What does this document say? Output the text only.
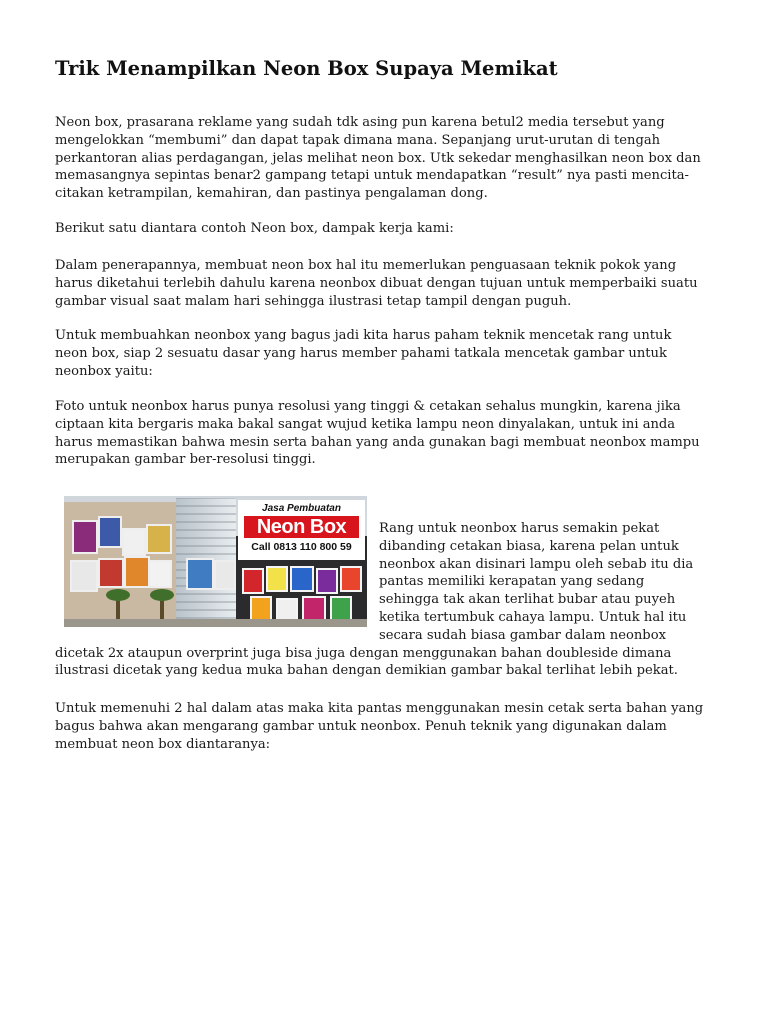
Trik Menampilkan Neon Box Supaya Memikat

Neon box, prasarana reklame yang sudah tdk asing pun karena betul2 media tersebut yang mengelokkan “membumi” dan dapat tapak dimana mana. Sepanjang urut-urutan di tengah perkantoran alias perdagangan, jelas melihat neon box. Utk sekedar menghasilkan neon box dan memasangnya sepintas benar2 gampang tetapi untuk mendapatkan “result” nya pasti mencita-citakan ketrampilan, kemahiran, dan pastinya pengalaman dong.

Berikut satu diantara contoh Neon box, dampak kerja kami:

Dalam penerapannya, membuat neon box hal itu memerlukan penguasaan teknik pokok yang harus diketahui terlebih dahulu karena neonbox dibuat dengan tujuan untuk memperbaiki suatu gambar visual saat malam hari sehingga ilustrasi tetap tampil dengan puguh.

Untuk membuahkan neonbox yang bagus jadi kita harus paham teknik mencetak rang untuk neon box, siap 2 sesuatu dasar yang harus member pahami tatkala mencetak gambar untuk neonbox yaitu:

Foto untuk neonbox harus punya resolusi yang tinggi & cetakan sehalus mungkin, karena jika ciptaan kita bergaris maka bakal sangat wujud ketika lampu neon dinyalakan, untuk ini anda harus memastikan bahwa mesin serta bahan yang anda gunakan bagi membuat neonbox mampu merupakan gambar ber-resolusi tinggi.

Jasa Pembuatan
Neon Box
Call 0813 110 800 59

Rang untuk neonbox harus semakin pekat dibanding cetakan biasa, karena pelan untuk neonbox akan disinari lampu oleh sebab itu dia pantas memiliki kerapatan yang sedang sehingga tak akan terlihat bubar atau puyeh ketika tertumbuk cahaya lampu. Untuk hal itu secara sudah biasa gambar dalam neonbox dicetak 2x ataupun overprint juga bisa juga dengan menggunakan bahan doubleside dimana ilustrasi dicetak yang kedua muka bahan dengan demikian gambar bakal terlihat lebih pekat.

Untuk memenuhi 2 hal dalam atas maka kita pantas menggunakan mesin cetak serta bahan yang bagus bahwa akan mengarang gambar untuk neonbox. Penuh teknik yang digunakan dalam membuat neon box diantaranya:
